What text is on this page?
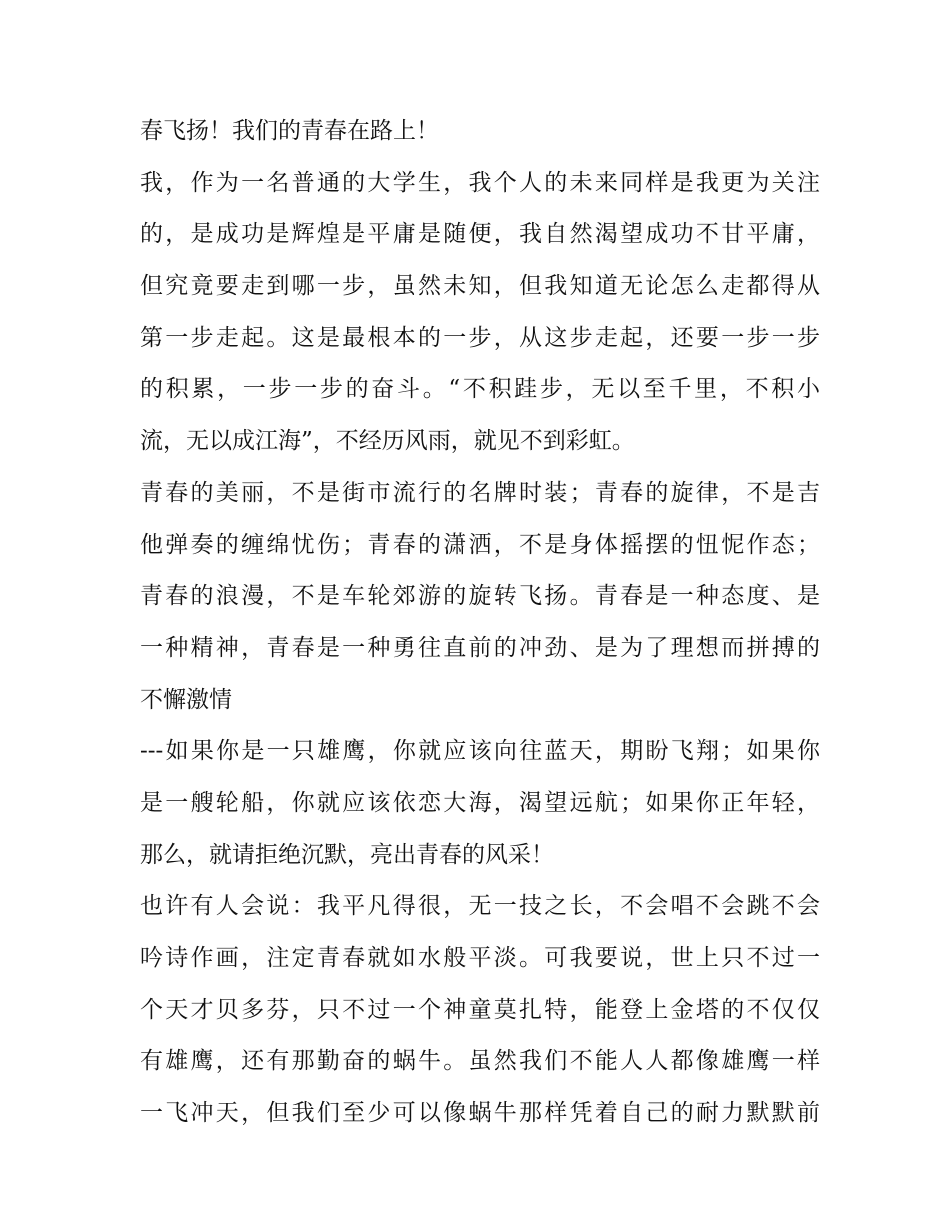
春飞扬！我们的青春在路上！
我，作为一名普通的大学生，我个人的未来同样是我更为关注
的，是成功是辉煌是平庸是随便，我自然渴望成功不甘平庸，
但究竟要走到哪一步，虽然未知，但我知道无论怎么走都得从
第一步走起。这是最根本的一步，从这步走起，还要一步一步
的积累，一步一步的奋斗。“不积跬步，无以至千里，不积小
流，无以成江海”，不经历风雨，就见不到彩虹。
青春的美丽，不是街市流行的名牌时装；青春的旋律，不是吉
他弹奏的缠绵忧伤；青春的潇洒，不是身体摇摆的忸怩作态；
青春的浪漫，不是车轮郊游的旋转飞扬。青春是一种态度、是
一种精神，青春是一种勇往直前的冲劲、是为了理想而拼搏的
不懈激情
---如果你是一只雄鹰，你就应该向往蓝天，期盼飞翔；如果你
是一艘轮船，你就应该依恋大海，渴望远航；如果你正年轻，
那么，就请拒绝沉默，亮出青春的风采！
也许有人会说：我平凡得很，无一技之长，不会唱不会跳不会
吟诗作画，注定青春就如水般平淡。可我要说，世上只不过一
个天才贝多芬，只不过一个神童莫扎特，能登上金塔的不仅仅
有雄鹰，还有那勤奋的蜗牛。虽然我们不能人人都像雄鹰一样
一飞冲天，但我们至少可以像蜗牛那样凭着自己的耐力默默前
